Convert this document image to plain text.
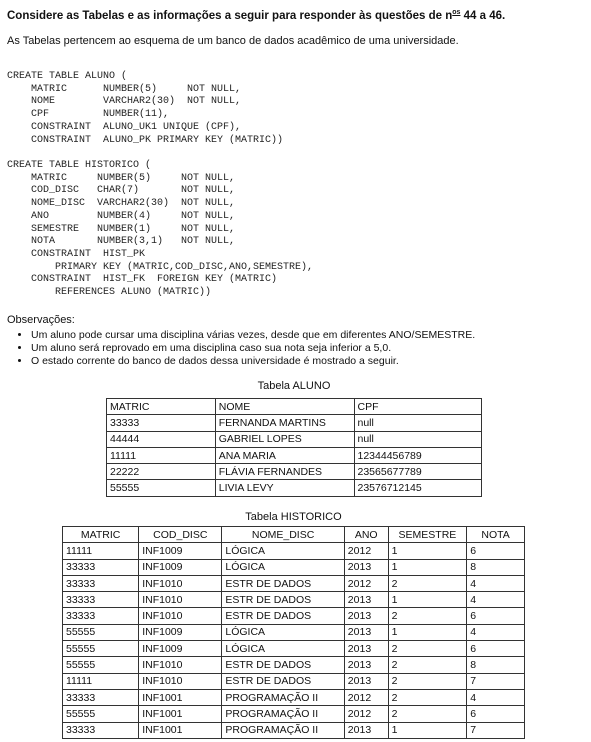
Considere as Tabelas e as informações a seguir para responder às questões de $n^{os}$ 44 a 46.
As Tabelas pertencem ao esquema de um banco de dados acadêmico de uma universidade.
CREATE TABLE ALUNO (
MATRIC      NUMBER(5)     NOT NULL,
NOME        VARCHAR2(30)  NOT NULL,
CPF         NUMBER(11),
CONSTRAINT  ALUNO_UK1 UNIQUE (CPF),
CONSTRAINT  ALUNO_PK PRIMARY KEY (MATRIC))
CREATE TABLE HISTORICO (
MATRIC     NUMBER(5)     NOT NULL,
COD_DISC   CHAR(7)       NOT NULL,
NOME_DISC  VARCHAR2(30)  NOT NULL,
ANO        NUMBER(4)     NOT NULL,
SEMESTRE   NUMBER(1)     NOT NULL,
NOTA       NUMBER(3,1)   NOT NULL,
CONSTRAINT  HIST_PK
PRIMARY KEY (MATRIC,COD_DISC,ANO,SEMESTRE),
CONSTRAINT  HIST_FK  FOREIGN KEY (MATRIC)
REFERENCES ALUNO (MATRIC))
Observações:
• Um aluno pode cursar uma disciplina várias vezes, desde que em diferentes ANO/SEMESTRE.
• Um aluno será reprovado em uma disciplina caso sua nota seja inferior a 5,0.
• O estado corrente do banco de dados dessa universidade é mostrado a seguir.
Tabela ALUNO
MATRIC	NOME	CPF
33333	FERNANDA MARTINS	null
44444	GABRIEL LOPES	null
11111	ANA MARIA	12344456789
22222	FLÁVIA FERNANDES	23565677789
55555	LIVIA LEVY	23576712145
Tabela HISTORICO
MATRIC	COD_DISC	NOME_DISC	ANO	SEMESTRE	NOTA
11111	INF1009	LÓGICA	2012	1	6
33333	INF1009	LÓGICA	2013	1	8
33333	INF1010	ESTR DE DADOS	2012	2	4
33333	INF1010	ESTR DE DADOS	2013	1	4
33333	INF1010	ESTR DE DADOS	2013	2	6
55555	INF1009	LÓGICA	2013	1	4
55555	INF1009	LÓGICA	2013	2	6
55555	INF1010	ESTR DE DADOS	2013	2	8
11111	INF1010	ESTR DE DADOS	2013	2	7
33333	INF1001	PROGRAMAÇÃO II	2012	2	4
55555	INF1001	PROGRAMAÇÃO II	2012	2	6
33333	INF1001	PROGRAMAÇÃO II	2013	1	7
